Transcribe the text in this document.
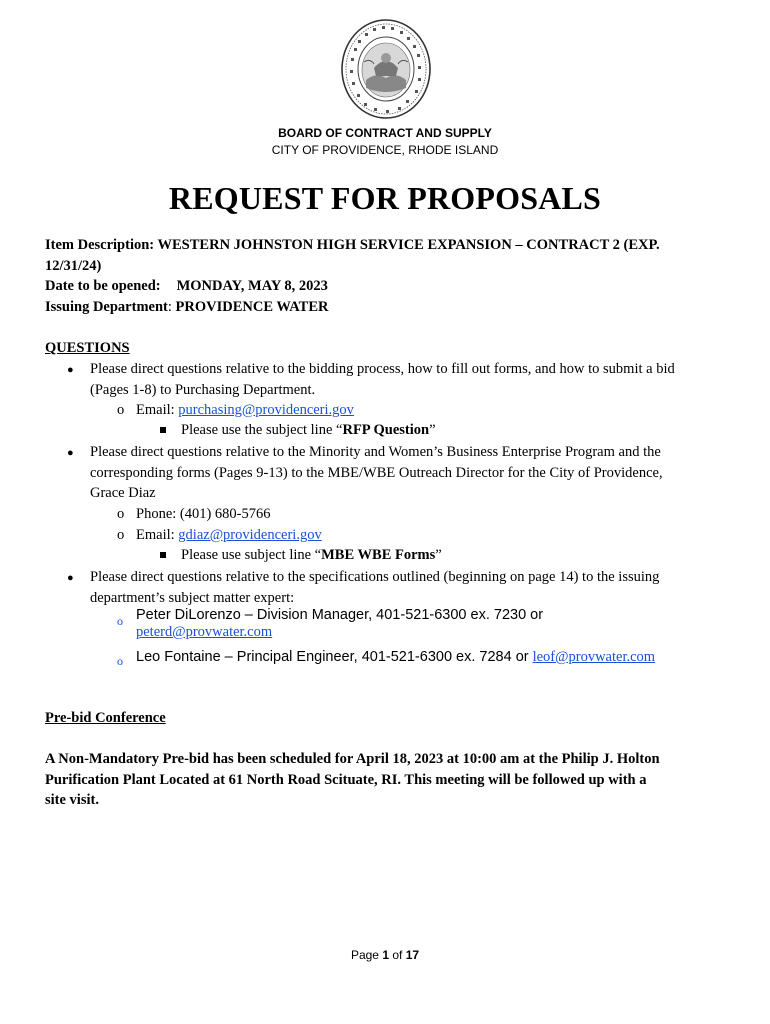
BOARD OF CONTRACT AND SUPPLY
CITY OF PROVIDENCE, RHODE ISLAND
REQUEST FOR PROPOSALS
Item Description: WESTERN JOHNSTON HIGH SERVICE EXPANSION – CONTRACT 2 (EXP.
12/31/24)
Date to be opened: MONDAY, MAY 8, 2023
Issuing Department: PROVIDENCE WATER
QUESTIONS
● Please direct questions relative to the bidding process, how to fill out forms, and how to submit a bid
(Pages 1-8) to Purchasing Department.
o Email: purchasing@providenceri.gov
Please use the subject line “RFP Question”
● Please direct questions relative to the Minority and Women’s Business Enterprise Program and the
corresponding forms (Pages 9-13) to the MBE/WBE Outreach Director for the City of Providence,
Grace Diaz
o Phone: (401) 680-5766
o Email: gdiaz@providenceri.gov
Please use subject line “MBE WBE Forms”
● Please direct questions relative to the specifications outlined (beginning on page 14) to the issuing
department’s subject matter expert:
o Peter DiLorenzo – Division Manager, 401-521-6300 ex. 7230 or
peterd@provwater.com
o Leo Fontaine – Principal Engineer, 401-521-6300 ex. 7284 or leof@provwater.com
Pre-bid Conference
A Non-Mandatory Pre-bid has been scheduled for April 18, 2023 at 10:00 am at the Philip J. Holton
Purification Plant Located at 61 North Road Scituate, RI. This meeting will be followed up with a
site visit.
Page 1 of 17
